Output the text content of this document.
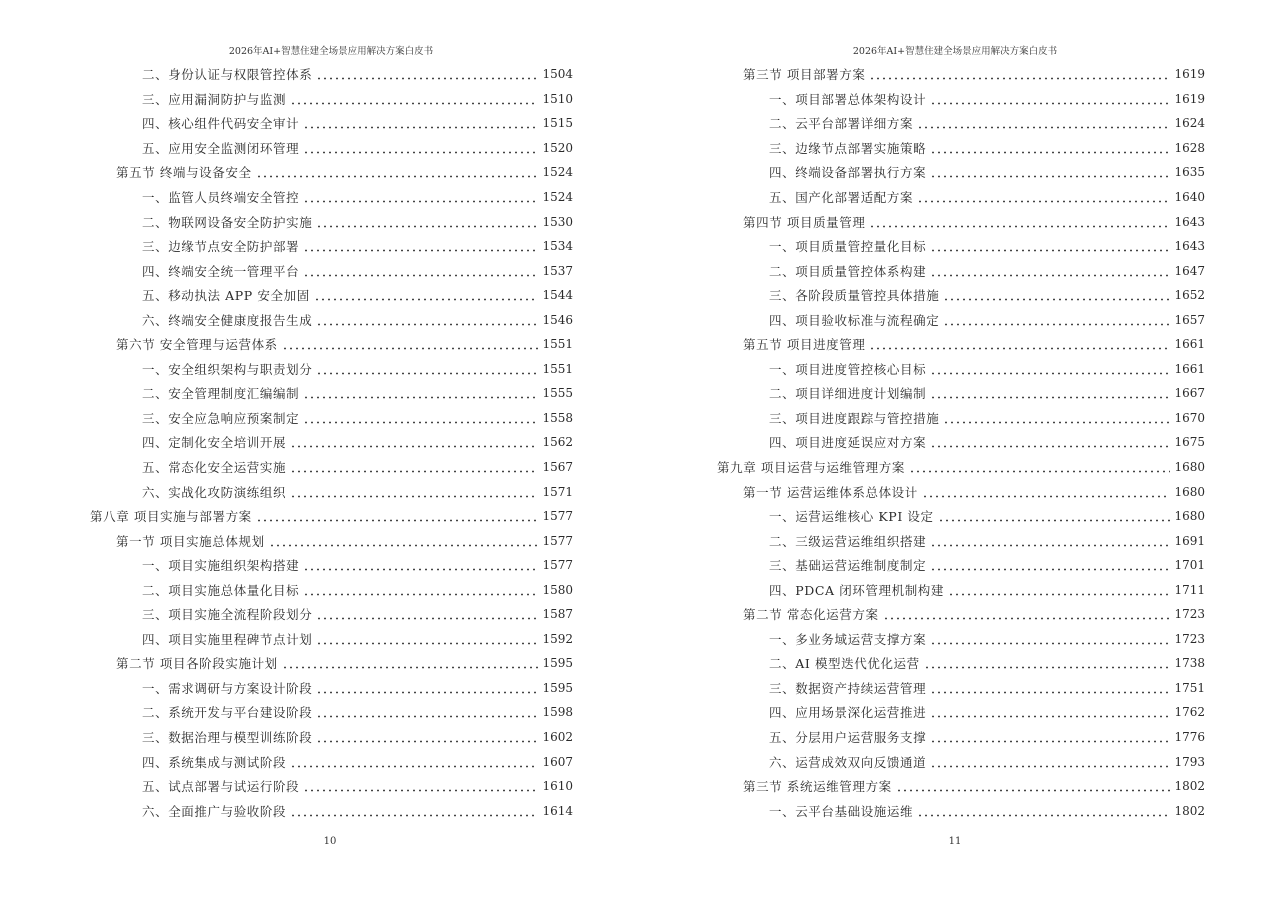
2026年AI+智慧住建全场景应用解决方案白皮书
二、身份认证与权限管控体系	1504
三、应用漏洞防护与监测	1510
四、核心组件代码安全审计	1515
五、应用安全监测闭环管理	1520
第五节 终端与设备安全	1524
一、监管人员终端安全管控	1524
二、物联网设备安全防护实施	1530
三、边缘节点安全防护部署	1534
四、终端安全统一管理平台	1537
五、移动执法 APP 安全加固	1544
六、终端安全健康度报告生成	1546
第六节 安全管理与运营体系	1551
一、安全组织架构与职责划分	1551
二、安全管理制度汇编编制	1555
三、安全应急响应预案制定	1558
四、定制化安全培训开展	1562
五、常态化安全运营实施	1567
六、实战化攻防演练组织	1571
第八章 项目实施与部署方案	1577
第一节 项目实施总体规划	1577
一、项目实施组织架构搭建	1577
二、项目实施总体量化目标	1580
三、项目实施全流程阶段划分	1587
四、项目实施里程碑节点计划	1592
第二节 项目各阶段实施计划	1595
一、需求调研与方案设计阶段	1595
二、系统开发与平台建设阶段	1598
三、数据治理与模型训练阶段	1602
四、系统集成与测试阶段	1607
五、试点部署与试运行阶段	1610
六、全面推广与验收阶段	1614
10
2026年AI+智慧住建全场景应用解决方案白皮书
第三节 项目部署方案	1619
一、项目部署总体架构设计	1619
二、云平台部署详细方案	1624
三、边缘节点部署实施策略	1628
四、终端设备部署执行方案	1635
五、国产化部署适配方案	1640
第四节 项目质量管理	1643
一、项目质量管控量化目标	1643
二、项目质量管控体系构建	1647
三、各阶段质量管控具体措施	1652
四、项目验收标准与流程确定	1657
第五节 项目进度管理	1661
一、项目进度管控核心目标	1661
二、项目详细进度计划编制	1667
三、项目进度跟踪与管控措施	1670
四、项目进度延误应对方案	1675
第九章 项目运营与运维管理方案	1680
第一节 运营运维体系总体设计	1680
一、运营运维核心 KPI 设定	1680
二、三级运营运维组织搭建	1691
三、基础运营运维制度制定	1701
四、PDCA 闭环管理机制构建	1711
第二节 常态化运营方案	1723
一、多业务域运营支撑方案	1723
二、AI 模型迭代优化运营	1738
三、数据资产持续运营管理	1751
四、应用场景深化运营推进	1762
五、分层用户运营服务支撑	1776
六、运营成效双向反馈通道	1793
第三节 系统运维管理方案	1802
一、云平台基础设施运维	1802
11
